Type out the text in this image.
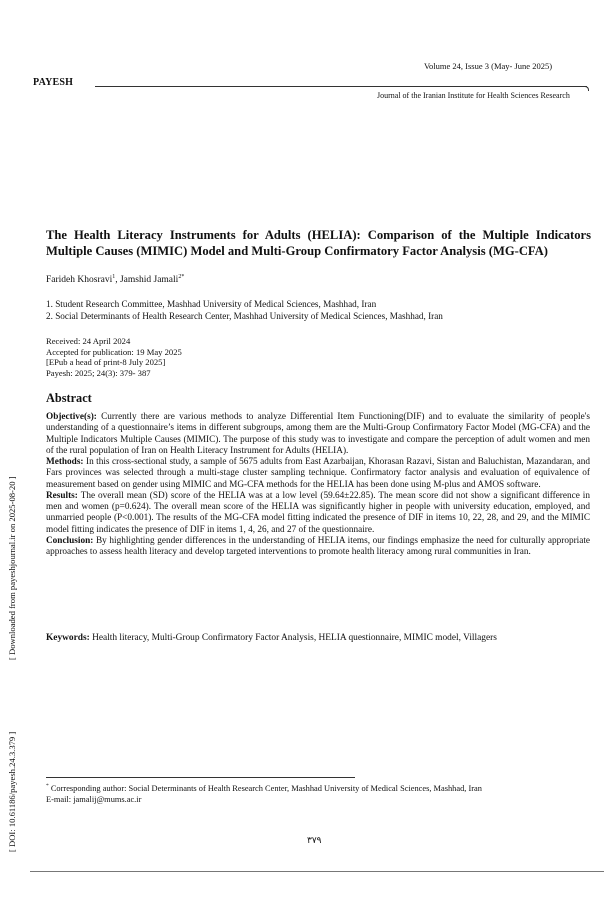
Volume 24, Issue 3 (May- June 2025)
PAYESH
Journal of the Iranian Institute for Health Sciences Research
The Health Literacy Instruments for Adults (HELIA): Comparison of the Multiple Indicators Multiple Causes (MIMIC) Model and Multi-Group Confirmatory Factor Analysis (MG-CFA)
Farideh Khosravi$^1$, Jamshid Jamali$^{2*}$
1. Student Research Committee, Mashhad University of Medical Sciences, Mashhad, Iran
2. Social Determinants of Health Research Center, Mashhad University of Medical Sciences, Mashhad, Iran
Received: 24 April 2024
Accepted for publication: 19 May 2025
[EPub a head of print-8 July 2025]
Payesh: 2025; 24(3): 379- 387
Abstract

Objective(s): Currently there are various methods to analyze Differential Item Functioning(DIF) and to evaluate the similarity of people's understanding of a questionnaire’s items in different subgroups, among them are the Multi-Group Confirmatory Factor Model (MG-CFA) and the Multiple Indicators Multiple Causes (MIMIC). The purpose of this study was to investigate and compare the perception of adult women and men of the rural population of Iran on Health Literacy Instrument for Adults (HELIA).

Methods: In this cross-sectional study, a sample of 5675 adults from East Azarbaijan, Khorasan Razavi, Sistan and Baluchistan, Mazandaran, and Fars provinces was selected through a multi-stage cluster sampling technique. Confirmatory factor analysis and evaluation of equivalence of measurement based on gender using MIMIC and MG-CFA methods for the HELIA has been done using M-plus and AMOS software.

Results: The overall mean (SD) score of the HELIA was at a low level (59.64±22.85). The mean score did not show a significant difference in men and women (p=0.624). The overall mean score of the HELIA was significantly higher in people with university education, employed, and unmarried people (P<0.001). The results of the MG-CFA model fitting indicated the presence of DIF in items 10, 22, 28, and 29, and the MIMIC model fitting indicates the presence of DIF in items 1, 4, 26, and 27 of the questionnaire.

Conclusion: By highlighting gender differences in the understanding of HELIA items, our findings emphasize the need for culturally appropriate approaches to assess health literacy and develop targeted interventions to promote health literacy among rural communities in Iran.

Keywords: Health literacy, Multi-Group Confirmatory Factor Analysis, HELIA questionnaire, MIMIC model, Villagers
* Corresponding author: Social Determinants of Health Research Center, Mashhad University of Medical Sciences, Mashhad, Iran
E-mail: jamalij@mums.ac.ir
۳۷۹
[ Downloaded from payeshjournal.ir on 2025-08-20 ]
[ DOI: 10.61186/payesh.24.3.379 ]
